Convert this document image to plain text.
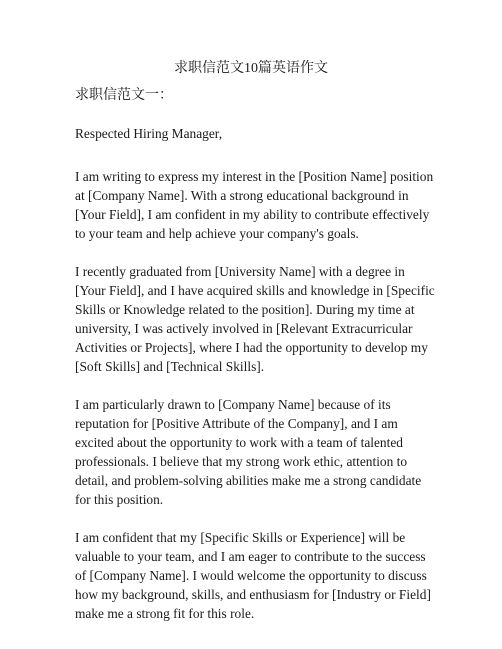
求职信范文10篇英语作文
求职信范文一：
Respected Hiring Manager,

I am writing to express my interest in the [Position Name] position
at [Company Name]. With a strong educational background in
[Your Field], I am confident in my ability to contribute effectively
to your team and help achieve your company's goals.

I recently graduated from [University Name] with a degree in
[Your Field], and I have acquired skills and knowledge in [Specific
Skills or Knowledge related to the position]. During my time at
university, I was actively involved in [Relevant Extracurricular
Activities or Projects], where I had the opportunity to develop my
[Soft Skills] and [Technical Skills].

I am particularly drawn to [Company Name] because of its
reputation for [Positive Attribute of the Company], and I am
excited about the opportunity to work with a team of talented
professionals. I believe that my strong work ethic, attention to
detail, and problem-solving abilities make me a strong candidate
for this position.

I am confident that my [Specific Skills or Experience] will be
valuable to your team, and I am eager to contribute to the success
of [Company Name]. I would welcome the opportunity to discuss
how my background, skills, and enthusiasm for [Industry or Field]
make me a strong fit for this role.
